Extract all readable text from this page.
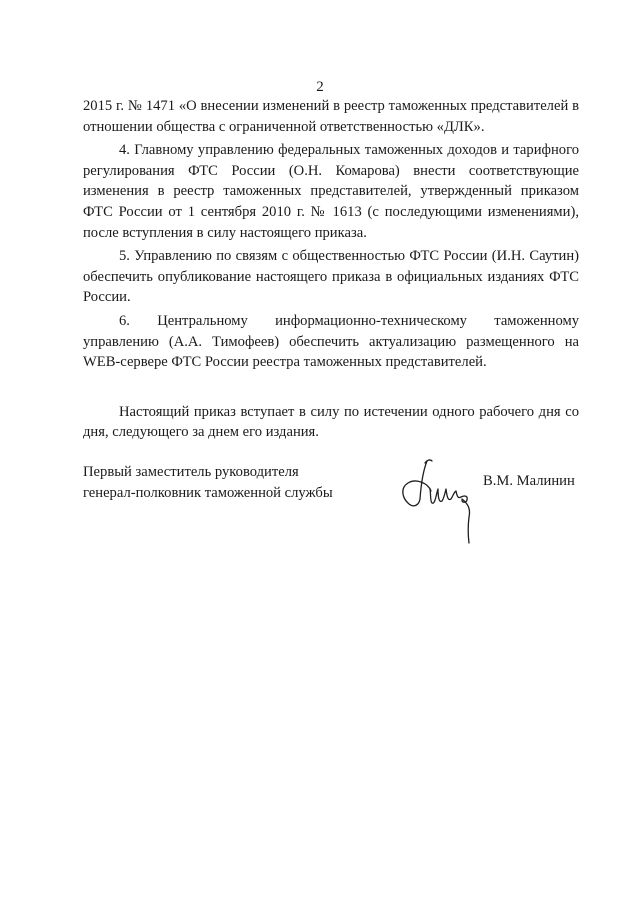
2

2015 г. № 1471 «О внесении изменений в реестр таможенных представителей в отношении общества с ограниченной ответственностью «ДЛК».

4. Главному управлению федеральных таможенных доходов и тарифного регулирования ФТС России (О.Н. Комарова) внести соответствующие изменения в реестр таможенных представителей, утвержденный приказом ФТС России от 1 сентября 2010 г. № 1613 (с последующими изменениями), после вступления в силу настоящего приказа.

5. Управлению по связям с общественностью ФТС России (И.Н. Саутин) обеспечить опубликование настоящего приказа в официальных изданиях ФТС России.

6. Центральному информационно-техническому таможенному управлению (А.А. Тимофеев) обеспечить актуализацию размещенного на WEB-сервере ФТС России реестра таможенных представителей.

Настоящий приказ вступает в силу по истечении одного рабочего дня со дня, следующего за днем его издания.

Первый заместитель руководителя
генерал-полковник таможенной службы
В.М. Малинин
